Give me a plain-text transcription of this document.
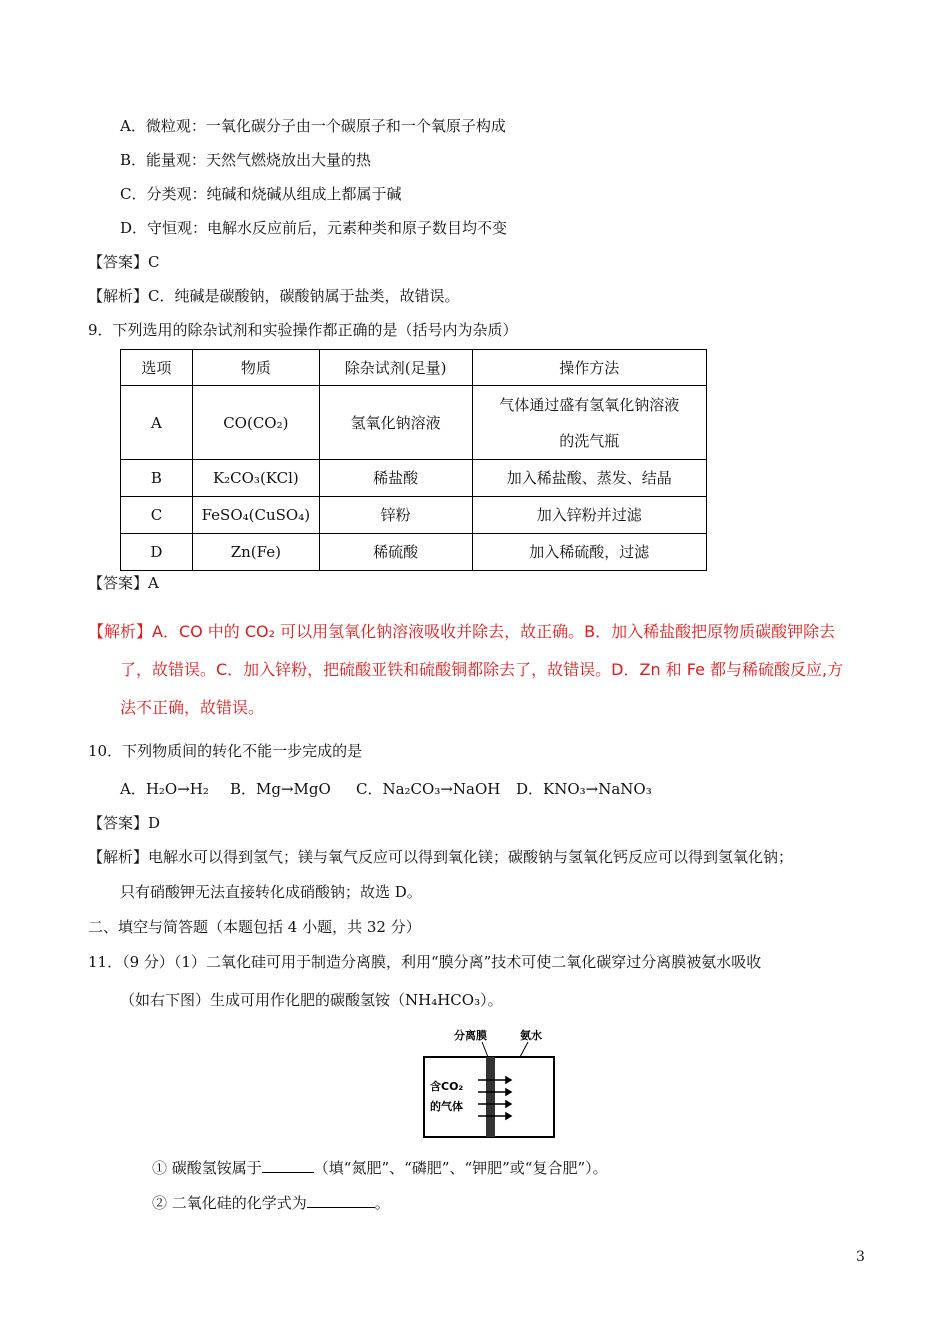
A．微粒观：一氧化碳分子由一个碳原子和一个氧原子构成
B．能量观：天然气燃烧放出大量的热
C．分类观：纯碱和烧碱从组成上都属于碱
D．守恒观：电解水反应前后，元素种类和原子数目均不变
【答案】C
【解析】C．纯碱是碳酸钠，碳酸钠属于盐类，故错误。
9．下列选用的除杂试剂和实验操作都正确的是（括号内为杂质）
选项	物质	除杂试剂(足量)	操作方法
A	CO(CO₂)	氢氧化钠溶液	气体通过盛有氢氧化钠溶液
的洗气瓶

B	K₂CO₃(KCl)	稀盐酸	加入稀盐酸、蒸发、结晶
C	FeSO₄(CuSO₄)	锌粉	加入锌粉并过滤
D	Zn(Fe)	稀硫酸	加入稀硫酸，过滤
【答案】A
【解析】A．CO 中的 CO₂ 可以用氢氧化钠溶液吸收并除去，故正确。B．加入稀盐酸把原物质碳酸钾除去
了，故错误。C．加入锌粉，把硫酸亚铁和硫酸铜都除去了，故错误。D．Zn 和 Fe 都与稀硫酸反应,方
法不正确，故错误。
10．下列物质间的转化不能一步完成的是
A．H₂O→H₂ B．Mg→MgO C．Na₂CO₃→NaOH D．KNO₃→NaNO₃
【答案】D
【解析】电解水可以得到氢气；镁与氧气反应可以得到氧化镁；碳酸钠与氢氧化钙反应可以得到氢氧化钠；
只有硝酸钾无法直接转化成硝酸钠；故选 D。
二、填空与简答题（本题包括 4 小题，共 32 分）
11．（9 分）（1）二氧化硅可用于制造分离膜，利用“膜分离”技术可使二氧化碳穿过分离膜被氨水吸收
（如右下图）生成可用作化肥的碳酸氢铵（NH₄HCO₃）。
分离膜	氨水
含CO₂
的气体
① 碳酸氢铵属于	（填“氮肥”、“磷肥”、“钾肥”或“复合肥”）。
② 二氧化硅的化学式为	。
3
